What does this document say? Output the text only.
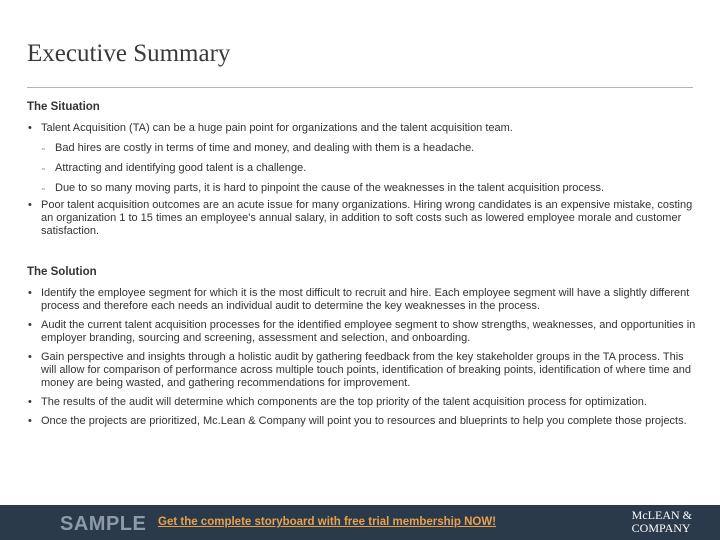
Executive Summary
The Situation
• Talent Acquisition (TA) can be a huge pain point for organizations and the talent acquisition team.
▫ Bad hires are costly in terms of time and money, and dealing with them is a headache.
▫ Attracting and identifying good talent is a challenge.
▫ Due to so many moving parts, it is hard to pinpoint the cause of the weaknesses in the talent acquisition process.
• Poor talent acquisition outcomes are an acute issue for many organizations. Hiring wrong candidates is an expensive mistake, costing an organization 1 to 15 times an employee's annual salary, in addition to soft costs such as lowered employee morale and customer satisfaction.
The Solution
• Identify the employee segment for which it is the most difficult to recruit and hire. Each employee segment will have a slightly different process and therefore each needs an individual audit to determine the key weaknesses in the process.
• Audit the current talent acquisition processes for the identified employee segment to show strengths, weaknesses, and opportunities in employer branding, sourcing and screening, assessment and selection, and onboarding.
• Gain perspective and insights through a holistic audit by gathering feedback from the key stakeholder groups in the TA process. This will allow for comparison of performance across multiple touch points, identification of breaking points, identification of where time and money are being wasted, and gathering recommendations for improvement.
• The results of the audit will determine which components are the top priority of the talent acquisition process for optimization.
• Once the projects are prioritized, Mc.Lean & Company will point you to resources and blueprints to help you complete those projects.
SAMPLE Get the complete storyboard with free trial membership NOW!	McLEAN &
COMPANY
